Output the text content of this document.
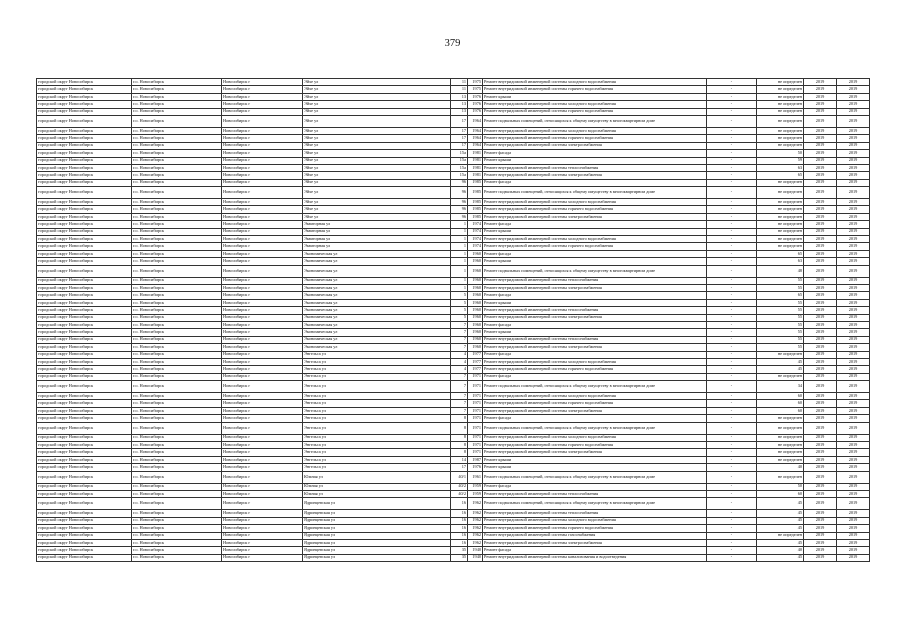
379
городской округ Новосибирск	г.о. Новосибирск	Новосибирск г	Эйхе ул	11	1975	Ремонт внутридомовой инженерной системы холодного водоснабжения	-	не определен	2019	2019
городской округ Новосибирск	г.о. Новосибирск	Новосибирск г	Эйхе ул	11	1975	Ремонт внутридомовой инженерной системы горячего водоснабжения	-	не определен	2019	2019
городской округ Новосибирск	г.о. Новосибирск	Новосибирск г	Эйхе ул	13	1976	Ремонт крыши	-	не определен	2019	2019
городской округ Новосибирск	г.о. Новосибирск	Новосибирск г	Эйхе ул	13	1976	Ремонт внутридомовой инженерной системы холодного водоснабжения	-	не определен	2019	2019
городской округ Новосибирск	г.о. Новосибирск	Новосибирск г	Эйхе ул	13	1976	Ремонт внутридомовой инженерной системы горячего водоснабжения	-	не определен	2019	2019
городской округ Новосибирск	г.о. Новосибирск	Новосибирск г	Эйхе ул	17	1964	Ремонт подвальных помещений, относящихся к общему имуществу в многоквартирном доме	-	не определен	2019	2019
городской округ Новосибирск	г.о. Новосибирск	Новосибирск г	Эйхе ул	17	1964	Ремонт внутридомовой инженерной системы холодного водоснабжения	-	не определен	2019	2019
городской округ Новосибирск	г.о. Новосибирск	Новосибирск г	Эйхе ул	17	1964	Ремонт внутридомовой инженерной системы горячего водоснабжения	-	не определен	2019	2019
городской округ Новосибирск	г.о. Новосибирск	Новосибирск г	Эйхе ул	17	1964	Ремонт внутридомовой инженерной системы электроснабжения	-	не определен	2019	2019
городской округ Новосибирск	г.о. Новосибирск	Новосибирск г	Эйхе ул	15а	1981	Ремонт фасада	-	50	2019	2019
городской округ Новосибирск	г.о. Новосибирск	Новосибирск г	Эйхе ул	15а	1981	Ремонт крыши	-	59	2019	2019
городской округ Новосибирск	г.о. Новосибирск	Новосибирск г	Эйхе ул	15а	1981	Ремонт внутридомовой инженерной системы теплоснабжения	-	63	2019	2019
городской округ Новосибирск	г.о. Новосибирск	Новосибирск г	Эйхе ул	15а	1981	Ремонт внутридомовой инженерной системы электроснабжения	-	65	2019	2019
городской округ Новосибирск	г.о. Новосибирск	Новосибирск г	Эйхе ул	96	1985	Ремонт фасада	-	не определен	2019	2019
городской округ Новосибирск	г.о. Новосибирск	Новосибирск г	Эйхе ул	96	1985	Ремонт подвальных помещений, относящихся к общему имуществу в многоквартирном доме	-	не определен	2019	2019
городской округ Новосибирск	г.о. Новосибирск	Новосибирск г	Эйхе ул	96	1985	Ремонт внутридомовой инженерной системы холодного водоснабжения	-	не определен	2019	2019
городской округ Новосибирск	г.о. Новосибирск	Новосибирск г	Эйхе ул	96	1985	Ремонт внутридомовой инженерной системы горячего водоснабжения	-	не определен	2019	2019
городской округ Новосибирск	г.о. Новосибирск	Новосибирск г	Эйхе ул	96	1985	Ремонт внутридомовой инженерной системы электроснабжения	-	не определен	2019	2019
городской округ Новосибирск	г.о. Новосибирск	Новосибирск г	Экваторная ул	1	1974	Ремонт фасада	-	не определен	2019	2019
городской округ Новосибирск	г.о. Новосибирск	Новосибирск г	Экваторная ул	1	1974	Ремонт крыши	-	не определен	2019	2019
городской округ Новосибирск	г.о. Новосибирск	Новосибирск г	Экваторная ул	1	1974	Ремонт внутридомовой инженерной системы холодного водоснабжения	-	не определен	2019	2019
городской округ Новосибирск	г.о. Новосибирск	Новосибирск г	Экваторная ул	1	1974	Ремонт внутридомовой инженерной системы горячего водоснабжения	-	не определен	2019	2019
городской округ Новосибирск	г.о. Новосибирск	Новосибирск г	Экономическая ул	1	1960	Ремонт фасада	-	65	2019	2019
городской округ Новосибирск	г.о. Новосибирск	Новосибирск г	Экономическая ул	1	1960	Ремонт крыши	-	63	2019	2019
городской округ Новосибирск	г.о. Новосибирск	Новосибирск г	Экономическая ул	1	1960	Ремонт подвальных помещений, относящихся к общему имуществу в многоквартирном доме	-	48	2019	2019
городской округ Новосибирск	г.о. Новосибирск	Новосибирск г	Экономическая ул	1	1960	Ремонт внутридомовой инженерной системы теплоснабжения	-	55	2019	2019
городской округ Новосибирск	г.о. Новосибирск	Новосибирск г	Экономическая ул	1	1960	Ремонт внутридомовой инженерной системы электроснабжения	-	55	2019	2019
городской округ Новосибирск	г.о. Новосибирск	Новосибирск г	Экономическая ул	5	1960	Ремонт фасада	-	65	2019	2019
городской округ Новосибирск	г.о. Новосибирск	Новосибирск г	Экономическая ул	5	1960	Ремонт крыши	-	55	2019	2019
городской округ Новосибирск	г.о. Новосибирск	Новосибирск г	Экономическая ул	5	1960	Ремонт внутридомовой инженерной системы теплоснабжения	-	55	2019	2019
городской округ Новосибирск	г.о. Новосибирск	Новосибирск г	Экономическая ул	5	1960	Ремонт внутридомовой инженерной системы электроснабжения	-	55	2019	2019
городской округ Новосибирск	г.о. Новосибирск	Новосибирск г	Экономическая ул	7	1960	Ремонт фасада	-	55	2019	2019
городской округ Новосибирск	г.о. Новосибирск	Новосибирск г	Экономическая ул	7	1960	Ремонт крыши	-	55	2019	2019
городской округ Новосибирск	г.о. Новосибирск	Новосибирск г	Экономическая ул	7	1960	Ремонт внутридомовой инженерной системы теплоснабжения	-	55	2019	2019
городской округ Новосибирск	г.о. Новосибирск	Новосибирск г	Экономическая ул	7	1960	Ремонт внутридомовой инженерной системы электроснабжения	-	55	2019	2019
городской округ Новосибирск	г.о. Новосибирск	Новосибирск г	Энгельса ул	4	1977	Ремонт фасада	-	не определен	2019	2019
городской округ Новосибирск	г.о. Новосибирск	Новосибирск г	Энгельса ул	4	1977	Ремонт внутридомовой инженерной системы холодного водоснабжения	-	45	2019	2019
городской округ Новосибирск	г.о. Новосибирск	Новосибирск г	Энгельса ул	4	1977	Ремонт внутридомовой инженерной системы горячего водоснабжения	-	45	2019	2019
городской округ Новосибирск	г.о. Новосибирск	Новосибирск г	Энгельса ул	7	1971	Ремонт фасада	-	не определен	2019	2019
городской округ Новосибирск	г.о. Новосибирск	Новосибирск г	Энгельса ул	7	1971	Ремонт подвальных помещений, относящихся к общему имуществу в многоквартирном доме	-	34	2019	2019
городской округ Новосибирск	г.о. Новосибирск	Новосибирск г	Энгельса ул	7	1971	Ремонт внутридомовой инженерной системы холодного водоснабжения	-	60	2019	2019
городской округ Новосибирск	г.о. Новосибирск	Новосибирск г	Энгельса ул	7	1971	Ремонт внутридомовой инженерной системы горячего водоснабжения	-	60	2019	2019
городской округ Новосибирск	г.о. Новосибирск	Новосибирск г	Энгельса ул	7	1971	Ремонт внутридомовой инженерной системы электроснабжения	-	60	2019	2019
городской округ Новосибирск	г.о. Новосибирск	Новосибирск г	Энгельса ул	8	1971	Ремонт фасада	-	не определен	2019	2019
городской округ Новосибирск	г.о. Новосибирск	Новосибирск г	Энгельса ул	8	1971	Ремонт подвальных помещений, относящихся к общему имуществу в многоквартирном доме	-	не определен	2019	2019
городской округ Новосибирск	г.о. Новосибирск	Новосибирск г	Энгельса ул	8	1971	Ремонт внутридомовой инженерной системы холодного водоснабжения	-	не определен	2019	2019
городской округ Новосибирск	г.о. Новосибирск	Новосибирск г	Энгельса ул	8	1971	Ремонт внутридомовой инженерной системы горячего водоснабжения	-	не определен	2019	2019
городской округ Новосибирск	г.о. Новосибирск	Новосибирск г	Энгельса ул	8	1971	Ремонт внутридомовой инженерной системы электроснабжения	-	не определен	2019	2019
городской округ Новосибирск	г.о. Новосибирск	Новосибирск г	Энгельса ул	14	1987	Ремонт крыши	-	не определен	2019	2019
городской округ Новосибирск	г.о. Новосибирск	Новосибирск г	Энгельса ул	17	1976	Ремонт крыши	-	40	2019	2019
городской округ Новосибирск	г.о. Новосибирск	Новосибирск г	Южная ул	40/1	1961	Ремонт подвальных помещений, относящихся к общему имуществу в многоквартирном доме	-	не определен	2019	2019
городской округ Новосибирск	г.о. Новосибирск	Новосибирск г	Южная ул	40/2	1959	Ремонт фасада	-	50	2019	2019
городской округ Новосибирск	г.о. Новосибирск	Новосибирск г	Южная ул	40/2	1959	Ремонт внутридомовой инженерной системы теплоснабжения	-	60	2019	2019
городской округ Новосибирск	г.о. Новосибирск	Новосибирск г	Ядринцевская ул	16	1962	Ремонт подвальных помещений, относящихся к общему имуществу в многоквартирном доме	-	45	2019	2019
городской округ Новосибирск	г.о. Новосибирск	Новосибирск г	Ядринцевская ул	16	1962	Ремонт внутридомовой инженерной системы теплоснабжения	-	45	2019	2019
городской округ Новосибирск	г.о. Новосибирск	Новосибирск г	Ядринцевская ул	16	1962	Ремонт внутридомовой инженерной системы холодного водоснабжения	-	45	2019	2019
городской округ Новосибирск	г.о. Новосибирск	Новосибирск г	Ядринцевская ул	16	1962	Ремонт внутридомовой инженерной системы горячего водоснабжения	-	45	2019	2019
городской округ Новосибирск	г.о. Новосибирск	Новосибирск г	Ядринцевская ул	16	1962	Ремонт внутридомовой инженерной системы газоснабжения	-	не определен	2019	2019
городской округ Новосибирск	г.о. Новосибирск	Новосибирск г	Ядринцевская ул	16	1962	Ремонт внутридомовой инженерной системы электроснабжения	-	45	2019	2019
городской округ Новосибирск	г.о. Новосибирск	Новосибирск г	Ядринцевская ул	35	1940	Ремонт фасада	-	40	2019	2019
городской округ Новосибирск	г.о. Новосибирск	Новосибирск г	Ядринцевская ул	35	1940	Ремонт внутридомовой инженерной системы канализования и водоотведения	-	45	2019	2019
